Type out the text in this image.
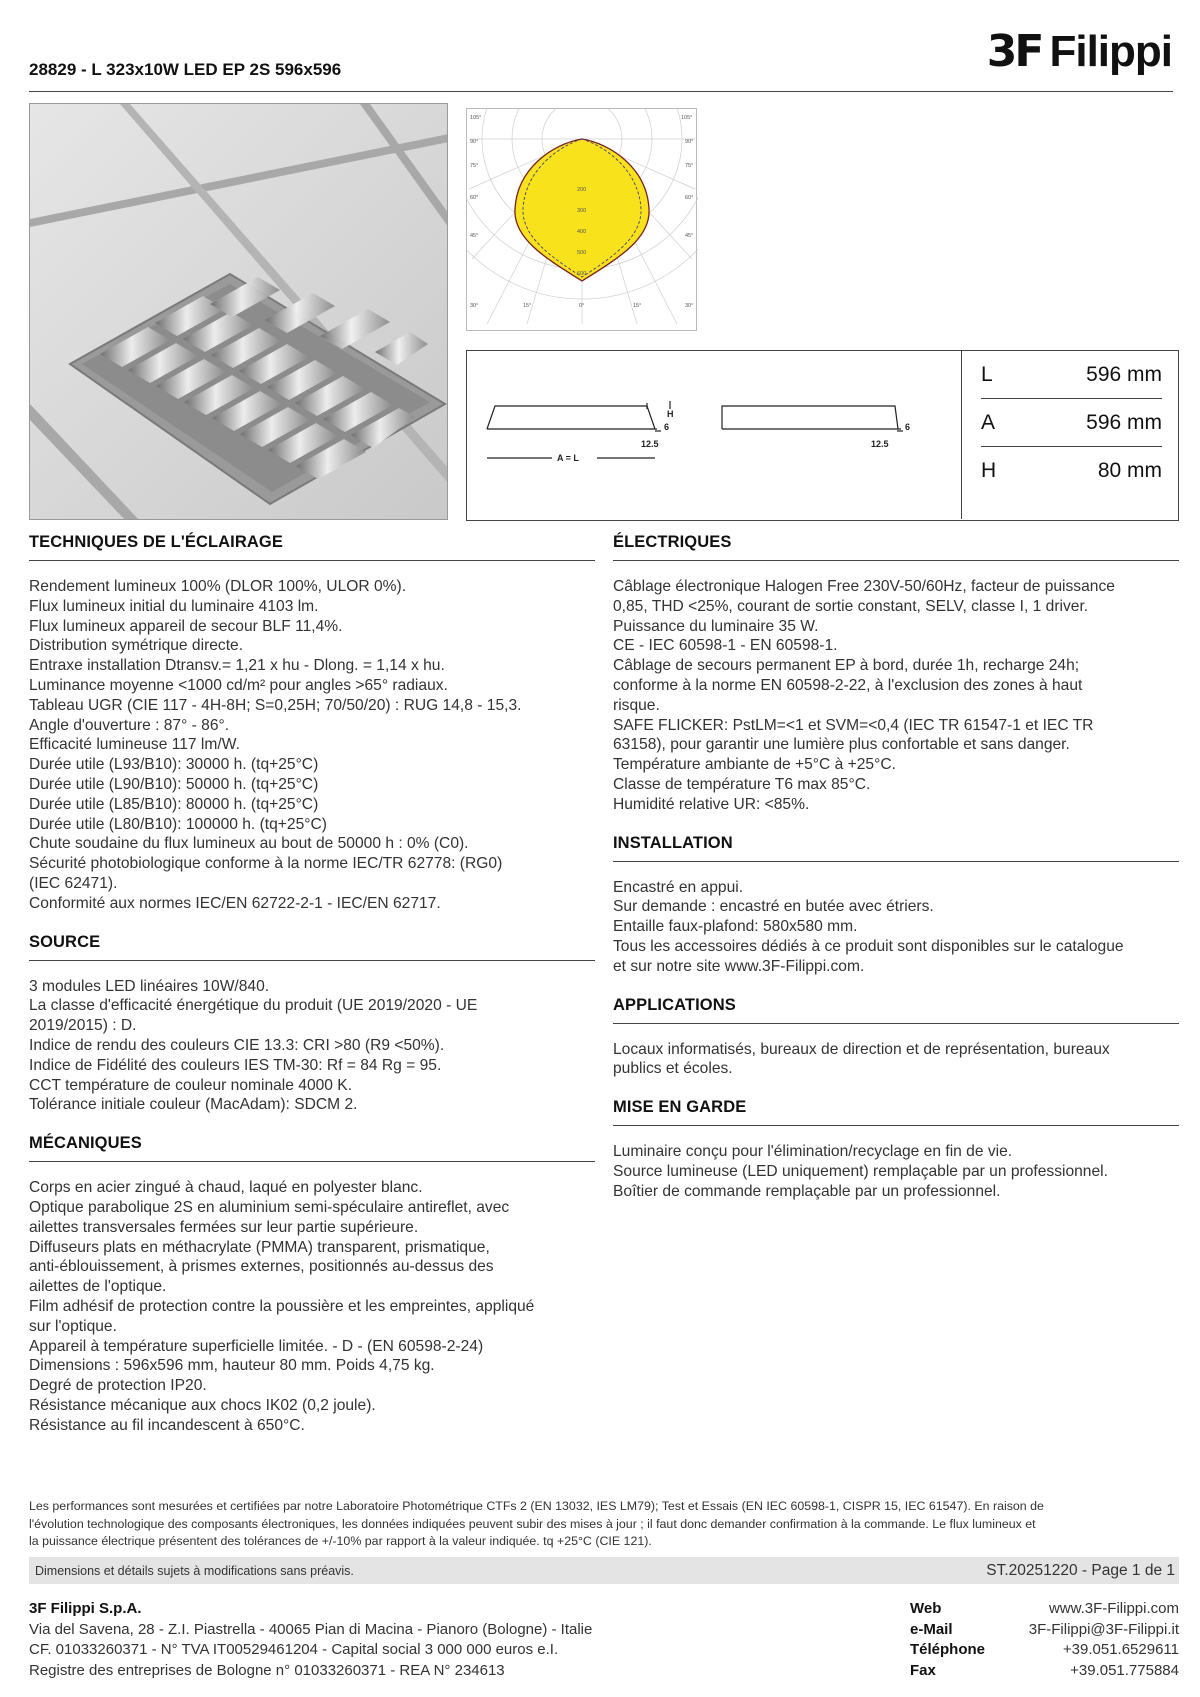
28829 - L 323x10W LED EP 2S 596x596	3F Filippi
105°
90°
75°
60°
45°
105°
90°
75°
60°
45°
30°	15°	0°	15°	30°
200
300
400
500
600
A = L
H
6
12.5
6
12.5
L	596 mm
A	596 mm
H	80 mm
TECHNIQUES DE L'ÉCLAIRAGE
Rendement lumineux 100% (DLOR 100%, ULOR 0%).
Flux lumineux initial du luminaire 4103 lm.
Flux lumineux appareil de secour BLF 11,4%.
Distribution symétrique directe.
Entraxe installation Dtransv.= 1,21 x hu - Dlong. = 1,14 x hu.
Luminance moyenne <1000 cd/m² pour angles >65° radiaux.
Tableau UGR (CIE 117 - 4H-8H; S=0,25H; 70/50/20) : RUG 14,8 - 15,3.
Angle d'ouverture : 87° - 86°.
Efficacité lumineuse 117 lm/W.
Durée utile (L93/B10): 30000 h. (tq+25°C)
Durée utile (L90/B10): 50000 h. (tq+25°C)
Durée utile (L85/B10): 80000 h. (tq+25°C)
Durée utile (L80/B10): 100000 h. (tq+25°C)
Chute soudaine du flux lumineux au bout de 50000 h : 0% (C0).
Sécurité photobiologique conforme à la norme IEC/TR 62778: (RG0)
(IEC 62471).
Conformité aux normes IEC/EN 62722-2-1 - IEC/EN 62717.
SOURCE
3 modules LED linéaires 10W/840.
La classe d'efficacité énergétique du produit (UE 2019/2020 - UE
2019/2015) : D.
Indice de rendu des couleurs CIE 13.3: CRI >80 (R9 <50%).
Indice de Fidélité des couleurs IES TM-30: Rf = 84 Rg = 95.
CCT température de couleur nominale 4000 K.
Tolérance initiale couleur (MacAdam): SDCM 2.
MÉCANIQUES
Corps en acier zingué à chaud, laqué en polyester blanc.
Optique parabolique 2S en aluminium semi-spéculaire antireflet, avec
ailettes transversales fermées sur leur partie supérieure.
Diffuseurs plats en méthacrylate (PMMA) transparent, prismatique,
anti-éblouissement, à prismes externes, positionnés au-dessus des
ailettes de l'optique.
Film adhésif de protection contre la poussière et les empreintes, appliqué
sur l'optique.
Appareil à température superficielle limitée. - D - (EN 60598-2-24)
Dimensions : 596x596 mm, hauteur 80 mm. Poids 4,75 kg.
Degré de protection IP20.
Résistance mécanique aux chocs IK02 (0,2 joule).
Résistance au fil incandescent à 650°C.
ÉLECTRIQUES
Câblage électronique Halogen Free 230V-50/60Hz, facteur de puissance
0,85, THD <25%, courant de sortie constant, SELV, classe I, 1 driver.
Puissance du luminaire 35 W.
CE - IEC 60598-1 - EN 60598-1.
Câblage de secours permanent EP à bord, durée 1h, recharge 24h;
conforme à la norme EN 60598-2-22, à l'exclusion des zones à haut
risque.
SAFE FLICKER: PstLM=<1 et SVM=<0,4 (IEC TR 61547-1 et IEC TR
63158), pour garantir une lumière plus confortable et sans danger.
Température ambiante de +5°C à +25°C.
Classe de température T6 max 85°C.
Humidité relative UR: <85%.
INSTALLATION
Encastré en appui.
Sur demande : encastré en butée avec étriers.
Entaille faux-plafond: 580x580 mm.
Tous les accessoires dédiés à ce produit sont disponibles sur le catalogue
et sur notre site www.3F-Filippi.com.
APPLICATIONS
Locaux informatisés, bureaux de direction et de représentation, bureaux
publics et écoles.
MISE EN GARDE
Luminaire conçu pour l'élimination/recyclage en fin de vie.
Source lumineuse (LED uniquement) remplaçable par un professionnel.
Boîtier de commande remplaçable par un professionnel.
Les performances sont mesurées et certifiées par notre Laboratoire Photométrique CTFs 2 (EN 13032, IES LM79); Test et Essais (EN IEC 60598-1, CISPR 15, IEC 61547). En raison de
l'évolution technologique des composants électroniques, les données indiquées peuvent subir des mises à jour ; il faut donc demander confirmation à la commande. Le flux lumineux et
la puissance électrique présentent des tolérances de +/-10% par rapport à la valeur indiquée. tq +25°C (CIE 121).
Dimensions et détails sujets à modifications sans préavis.	ST.20251220 - Page 1 de 1
3F Filippi S.p.A.
Via del Savena, 28 - Z.I. Piastrella - 40065 Pian di Macina - Pianoro (Bologne) - Italie
CF. 01033260371 - N° TVA IT00529461204 - Capital social 3 000 000 euros e.I.
Registre des entreprises de Bologne n° 01033260371 - REA N° 234613
Web	www.3F-Filippi.com
e-Mail	3F-Filippi@3F-Filippi.it
Téléphone	+39.051.6529611
Fax	+39.051.775884
